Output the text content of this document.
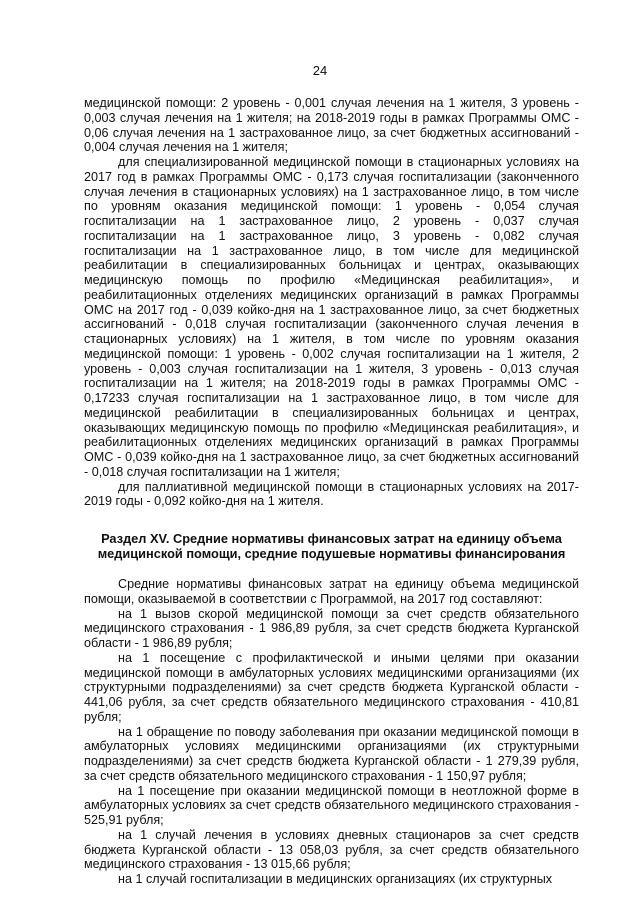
24

медицинской помощи: 2 уровень - 0,001 случая лечения на 1 жителя, 3 уровень - 0,003 случая лечения на 1 жителя; на 2018-2019 годы в рамках Программы ОМС - 0,06 случая лечения на 1 застрахованное лицо, за счет бюджетных ассигнований - 0,004 случая лечения на 1 жителя;

для специализированной медицинской помощи в стационарных условиях на 2017 год в рамках Программы ОМС - 0,173 случая госпитализации (законченного случая лечения в стационарных условиях) на 1 застрахованное лицо, в том числе по уровням оказания медицинской помощи: 1 уровень - 0,054 случая госпитализации на 1 застрахованное лицо, 2 уровень - 0,037 случая госпитализации на 1 застрахованное лицо, 3 уровень - 0,082 случая госпитализации на 1 застрахованное лицо, в том числе для медицинской реабилитации в специализированных больницах и центрах, оказывающих медицинскую помощь по профилю «Медицинская реабилитация», и реабилитационных отделениях медицинских организаций в рамках Программы ОМС на 2017 год - 0,039 койко-дня на 1 застрахованное лицо, за счет бюджетных ассигнований - 0,018 случая госпитализации (законченного случая лечения в стационарных условиях) на 1 жителя, в том числе по уровням оказания медицинской помощи: 1 уровень - 0,002 случая госпитализации на 1 жителя, 2 уровень - 0,003 случая госпитализации на 1 жителя, 3 уровень - 0,013 случая госпитализации на 1 жителя; на 2018-2019 годы в рамках Программы ОМС - 0,17233 случая госпитализации на 1 застрахованное лицо, в том числе для медицинской реабилитации в специализированных больницах и центрах, оказывающих медицинскую помощь по профилю «Медицинская реабилитация», и реабилитационных отделениях медицинских организаций в рамках Программы ОМС - 0,039 койко-дня на 1 застрахованное лицо, за счет бюджетных ассигнований - 0,018 случая госпитализации на 1 жителя;

для паллиативной медицинской помощи в стационарных условиях на 2017-2019 годы - 0,092 койко-дня на 1 жителя.

Раздел XV. Средние нормативы финансовых затрат на единицу объема медицинской помощи, средние подушевые нормативы финансирования

Средние нормативы финансовых затрат на единицу объема медицинской помощи, оказываемой в соответствии с Программой, на 2017 год составляют:

на 1 вызов скорой медицинской помощи за счет средств обязательного медицинского страхования - 1 986,89 рубля, за счет средств бюджета Курганской области - 1 986,89 рубля;

на 1 посещение с профилактической и иными целями при оказании медицинской помощи в амбулаторных условиях медицинскими организациями (их структурными подразделениями) за счет средств бюджета Курганской области - 441,06 рубля, за счет средств обязательного медицинского страхования - 410,81 рубля;

на 1 обращение по поводу заболевания при оказании медицинской помощи в амбулаторных условиях медицинскими организациями (их структурными подразделениями) за счет средств бюджета Курганской области - 1 279,39 рубля, за счет средств обязательного медицинского страхования - 1 150,97 рубля;

на 1 посещение при оказании медицинской помощи в неотложной форме в амбулаторных условиях за счет средств обязательного медицинского страхования - 525,91 рубля;

на 1 случай лечения в условиях дневных стационаров за счет средств бюджета Курганской области - 13 058,03 рубля, за счет средств обязательного медицинского страхования - 13 015,66 рубля;

на 1 случай госпитализации в медицинских организациях (их структурных
